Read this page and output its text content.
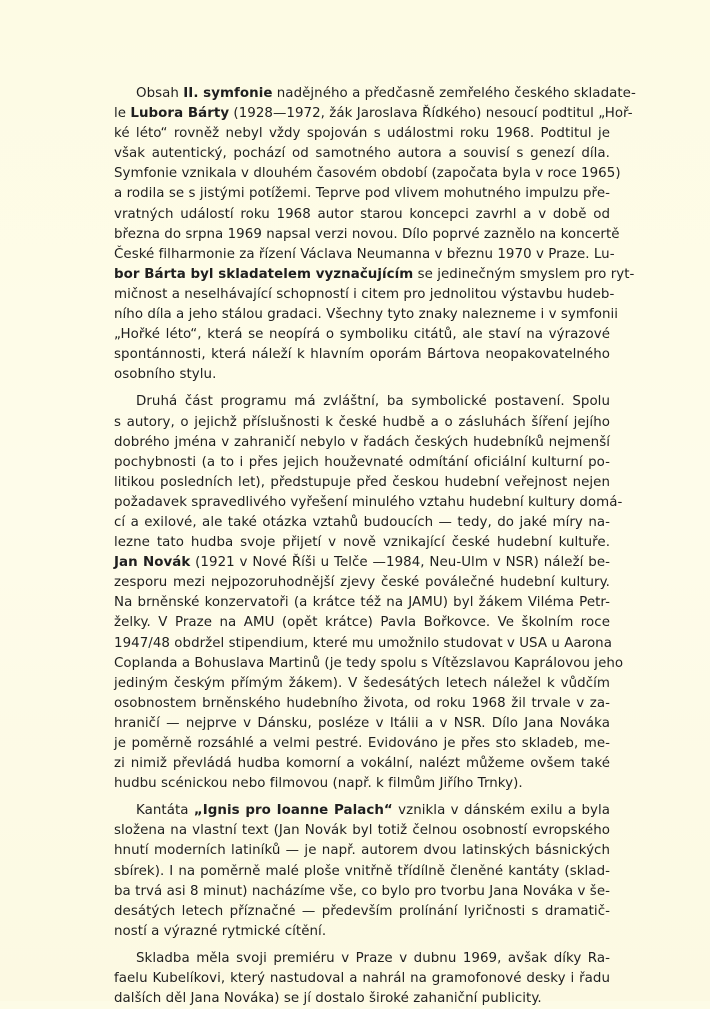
Obsah II. symfonie nadějného a předčasně zemřelého českého skladate-
le Lubora Bárty (1928—1972, žák Jaroslava Řídkého) nesoucí podtitul „Hoř-
ké léto“ rovněž nebyl vždy spojován s událostmi roku 1968. Podtitul je
však autentický, pochází od samotného autora a souvisí s genezí díla.
Symfonie vznikala v dlouhém časovém období (započata byla v roce 1965)
a rodila se s jistými potížemi. Teprve pod vlivem mohutného impulzu pře-
vratných událostí roku 1968 autor starou koncepci zavrhl a v době od
března do srpna 1969 napsal verzi novou. Dílo poprvé zaznělo na koncertě
České filharmonie za řízení Václava Neumanna v březnu 1970 v Praze. Lu-
bor Bárta byl skladatelem vyznačujícím se jedinečným smyslem pro ryt-
mičnost a neselhávající schopností i citem pro jednolitou výstavbu hudeb-
ního díla a jeho stálou gradaci. Všechny tyto znaky nalezneme i v symfonii
„Hořké léto“, která se neopírá o symboliku citátů, ale staví na výrazové
spontánnosti, která náleží k hlavním oporám Bártova neopakovatelného
osobního stylu.

Druhá část programu má zvláštní, ba symbolické postavení. Spolu
s autory, o jejichž příslušnosti k české hudbě a o zásluhách šíření jejího
dobrého jména v zahraničí nebylo v řadách českých hudebníků nejmenší
pochybnosti (a to i přes jejich houževnaté odmítání oficiální kulturní po-
litikou posledních let), předstupuje před českou hudební veřejnost nejen
požadavek spravedlivého vyřešení minulého vztahu hudební kultury domá-
cí a exilové, ale také otázka vztahů budoucích — tedy, do jaké míry na-
lezne tato hudba svoje přijetí v nově vznikající české hudební kultuře.
Jan Novák (1921 v Nové Říši u Telče —1984, Neu-Ulm v NSR) náleží be-
zesporu mezi nejpozoruhodnější zjevy české poválečné hudební kultury.
Na brněnské konzervatoři (a krátce též na JAMU) byl žákem Viléma Petr-
želky. V Praze na AMU (opět krátce) Pavla Bořkovce. Ve školním roce
1947/48 obdržel stipendium, které mu umožnilo studovat v USA u Aarona
Coplanda a Bohuslava Martinů (je tedy spolu s Vítězslavou Kaprálovou jeho
jediným českým přímým žákem). V šedesátých letech náležel k vůdčím
osobnostem brněnského hudebního života, od roku 1968 žil trvale v za-
hraničí — nejprve v Dánsku, posléze v Itálii a v NSR. Dílo Jana Nováka
je poměrně rozsáhlé a velmi pestré. Evidováno je přes sto skladeb, me-
zi nimiž převládá hudba komorní a vokální, nalézt můžeme ovšem také
hudbu scénickou nebo filmovou (např. k filmům Jiřího Trnky).

Kantáta „Ignis pro Ioanne Palach“ vznikla v dánském exilu a byla
složena na vlastní text (Jan Novák byl totiž čelnou osobností evropského
hnutí moderních latiníků — je např. autorem dvou latinských básnických
sbírek). I na poměrně malé ploše vnitřně třídílně členěné kantáty (sklad-
ba trvá asi 8 minut) nacházíme vše, co bylo pro tvorbu Jana Nováka v še-
desátých letech příznačné — především prolínání lyričnosti s dramatič-
ností a výrazné rytmické cítění.

Skladba měla svoji premiéru v Praze v dubnu 1969, avšak díky Ra-
faelu Kubelíkovi, který nastudoval a nahrál na gramofonové desky i řadu
dalších děl Jana Nováka) se jí dostalo široké zahaniční publicity.
